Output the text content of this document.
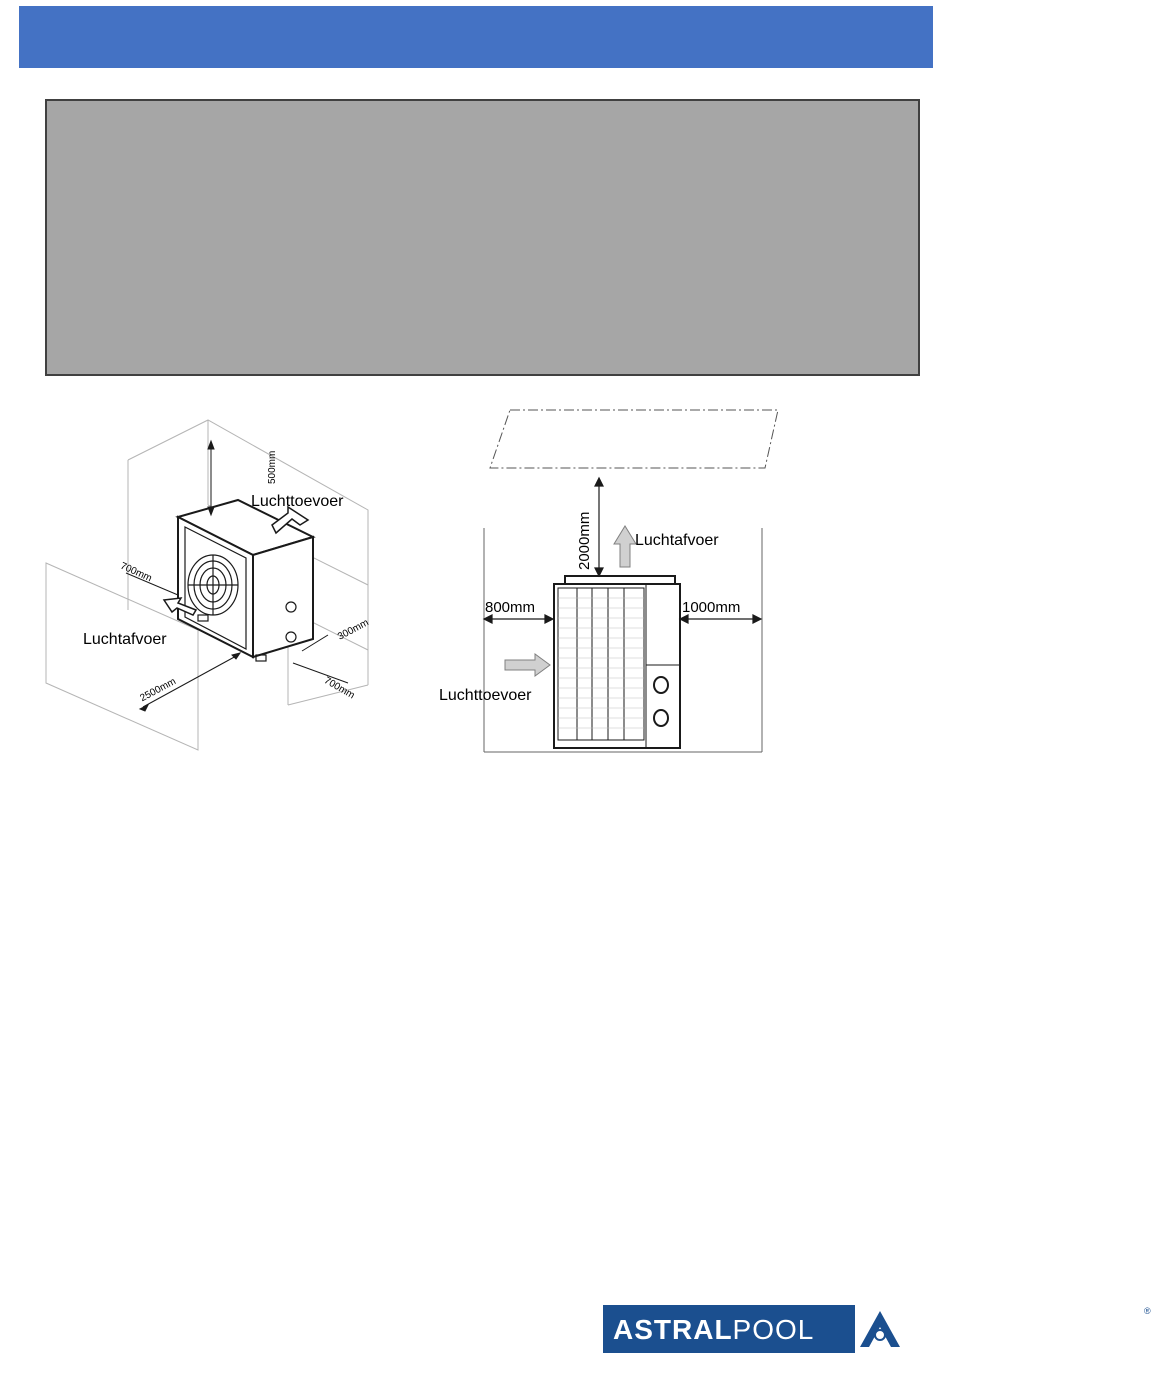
500mm
Luchttoevoer
700mm
Luchtafvoer	300mm
700mm
2500mm
2000mm	Luchtafvoer
800mm	1000mm
Luchttoevoer
ASTRALPOOL
®
